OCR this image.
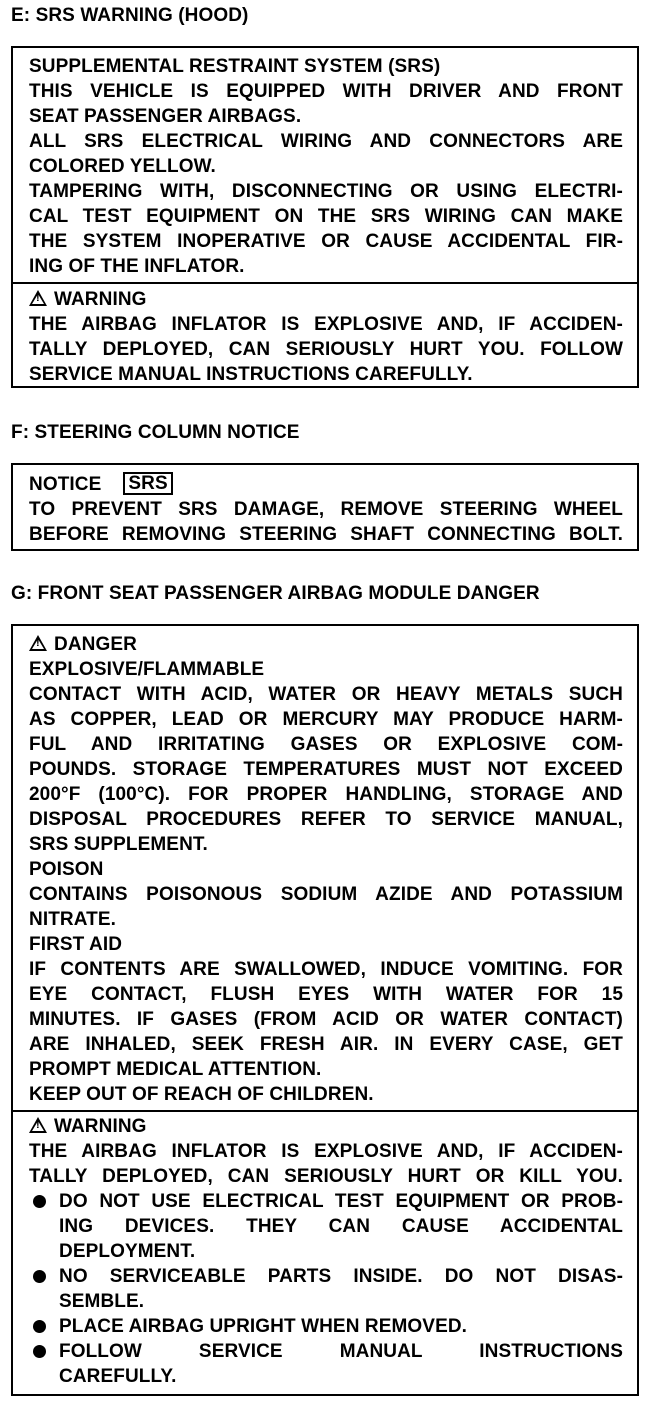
E: SRS WARNING (HOOD)
SUPPLEMENTAL RESTRAINT SYSTEM (SRS)
THIS VEHICLE IS EQUIPPED WITH DRIVER AND FRONT
SEAT PASSENGER AIRBAGS.
ALL SRS ELECTRICAL WIRING AND CONNECTORS ARE
COLORED YELLOW.
TAMPERING WITH, DISCONNECTING OR USING ELECTRI-
CAL TEST EQUIPMENT ON THE SRS WIRING CAN MAKE
THE SYSTEM INOPERATIVE OR CAUSE ACCIDENTAL FIR-
ING OF THE INFLATOR.
!WARNING
THE AIRBAG INFLATOR IS EXPLOSIVE AND, IF ACCIDEN-
TALLY DEPLOYED, CAN SERIOUSLY HURT YOU. FOLLOW
SERVICE MANUAL INSTRUCTIONS CAREFULLY.
F: STEERING COLUMN NOTICE
NOTICE SRS
TO PREVENT SRS DAMAGE, REMOVE STEERING WHEEL
BEFORE REMOVING STEERING SHAFT CONNECTING BOLT.
G: FRONT SEAT PASSENGER AIRBAG MODULE DANGER
!DANGER
EXPLOSIVE/FLAMMABLE
CONTACT WITH ACID, WATER OR HEAVY METALS SUCH
AS COPPER, LEAD OR MERCURY MAY PRODUCE HARM-
FUL AND IRRITATING GASES OR EXPLOSIVE COM-
POUNDS. STORAGE TEMPERATURES MUST NOT EXCEED
200°F (100°C). FOR PROPER HANDLING, STORAGE AND
DISPOSAL PROCEDURES REFER TO SERVICE MANUAL,
SRS SUPPLEMENT.
POISON
CONTAINS POISONOUS SODIUM AZIDE AND POTASSIUM
NITRATE.
FIRST AID
IF CONTENTS ARE SWALLOWED, INDUCE VOMITING. FOR
EYE CONTACT, FLUSH EYES WITH WATER FOR 15
MINUTES. IF GASES (FROM ACID OR WATER CONTACT)
ARE INHALED, SEEK FRESH AIR. IN EVERY CASE, GET
PROMPT MEDICAL ATTENTION.
KEEP OUT OF REACH OF CHILDREN.
!WARNING
THE AIRBAG INFLATOR IS EXPLOSIVE AND, IF ACCIDEN-
TALLY DEPLOYED, CAN SERIOUSLY HURT OR KILL YOU.
DO NOT USE ELECTRICAL TEST EQUIPMENT OR PROB-
ING DEVICES. THEY CAN CAUSE ACCIDENTAL
DEPLOYMENT.
NO SERVICEABLE PARTS INSIDE. DO NOT DISAS-
SEMBLE.
PLACE AIRBAG UPRIGHT WHEN REMOVED.
FOLLOW SERVICE MANUAL INSTRUCTIONS
CAREFULLY.
